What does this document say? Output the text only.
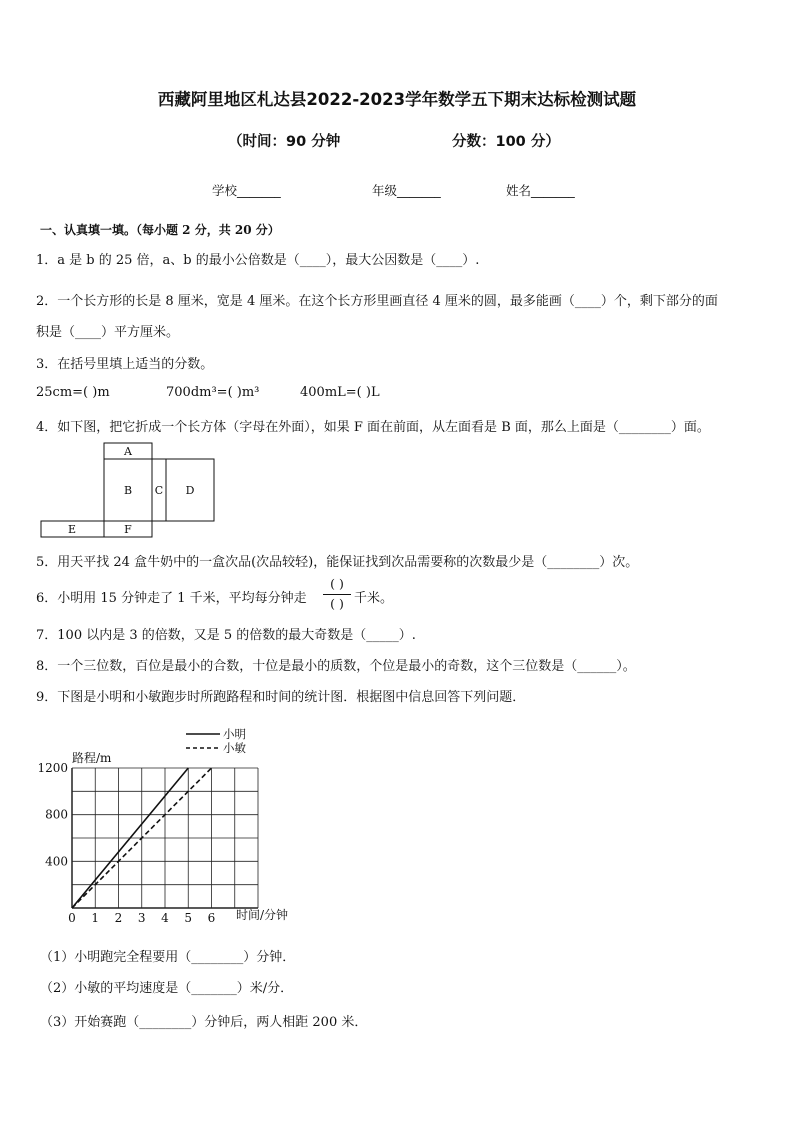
西藏阿里地区札达县2022-2023学年数学五下期末达标检测试题
（时间：90 分钟	分数：100 分）
学校_______	年级_______	姓名_______
一、认真填一填。（每小题 2 分，共 20 分）
1．a 是 b 的 25 倍，a、b 的最小公倍数是（____），最大公因数是（____）.
2．一个长方形的长是 8 厘米，宽是 4 厘米。在这个长方形里画直径 4 厘米的圆，最多能画（____）个，剩下部分的面
积是（____）平方厘米。
3．在括号里填上适当的分数。
25cm=( )m	700dm³=( )m³	400mL=( )L
4．如下图，把它折成一个长方体（字母在外面），如果 F 面在前面，从左面看是 B 面，那么上面是（________）面。
A
B C D
E	F
5．用天平找 24 盒牛奶中的一盒次品(次品较轻)，能保证找到次品需要称的次数最少是（________）次。
6．小明用 15 分钟走了 1 千米，平均每分钟走
( )
( ) 千米。
7．100 以内是 3 的倍数，又是 5 的倍数的最大奇数是（_____）.
8．一个三位数，百位是最小的合数，十位是最小的质数，个位是最小的奇数，这个三位数是（______）。
9．下图是小明和小敏跑步时所跑路程和时间的统计图．根据图中信息回答下列问题．
400
800
1200
0 1 2 3 4 5 6
路程/m
时间/分钟
小明
小敏
（1）小明跑完全程要用（________）分钟．
（2）小敏的平均速度是（_______）米/分．
（3）开始赛跑（________）分钟后，两人相距 200 米．
